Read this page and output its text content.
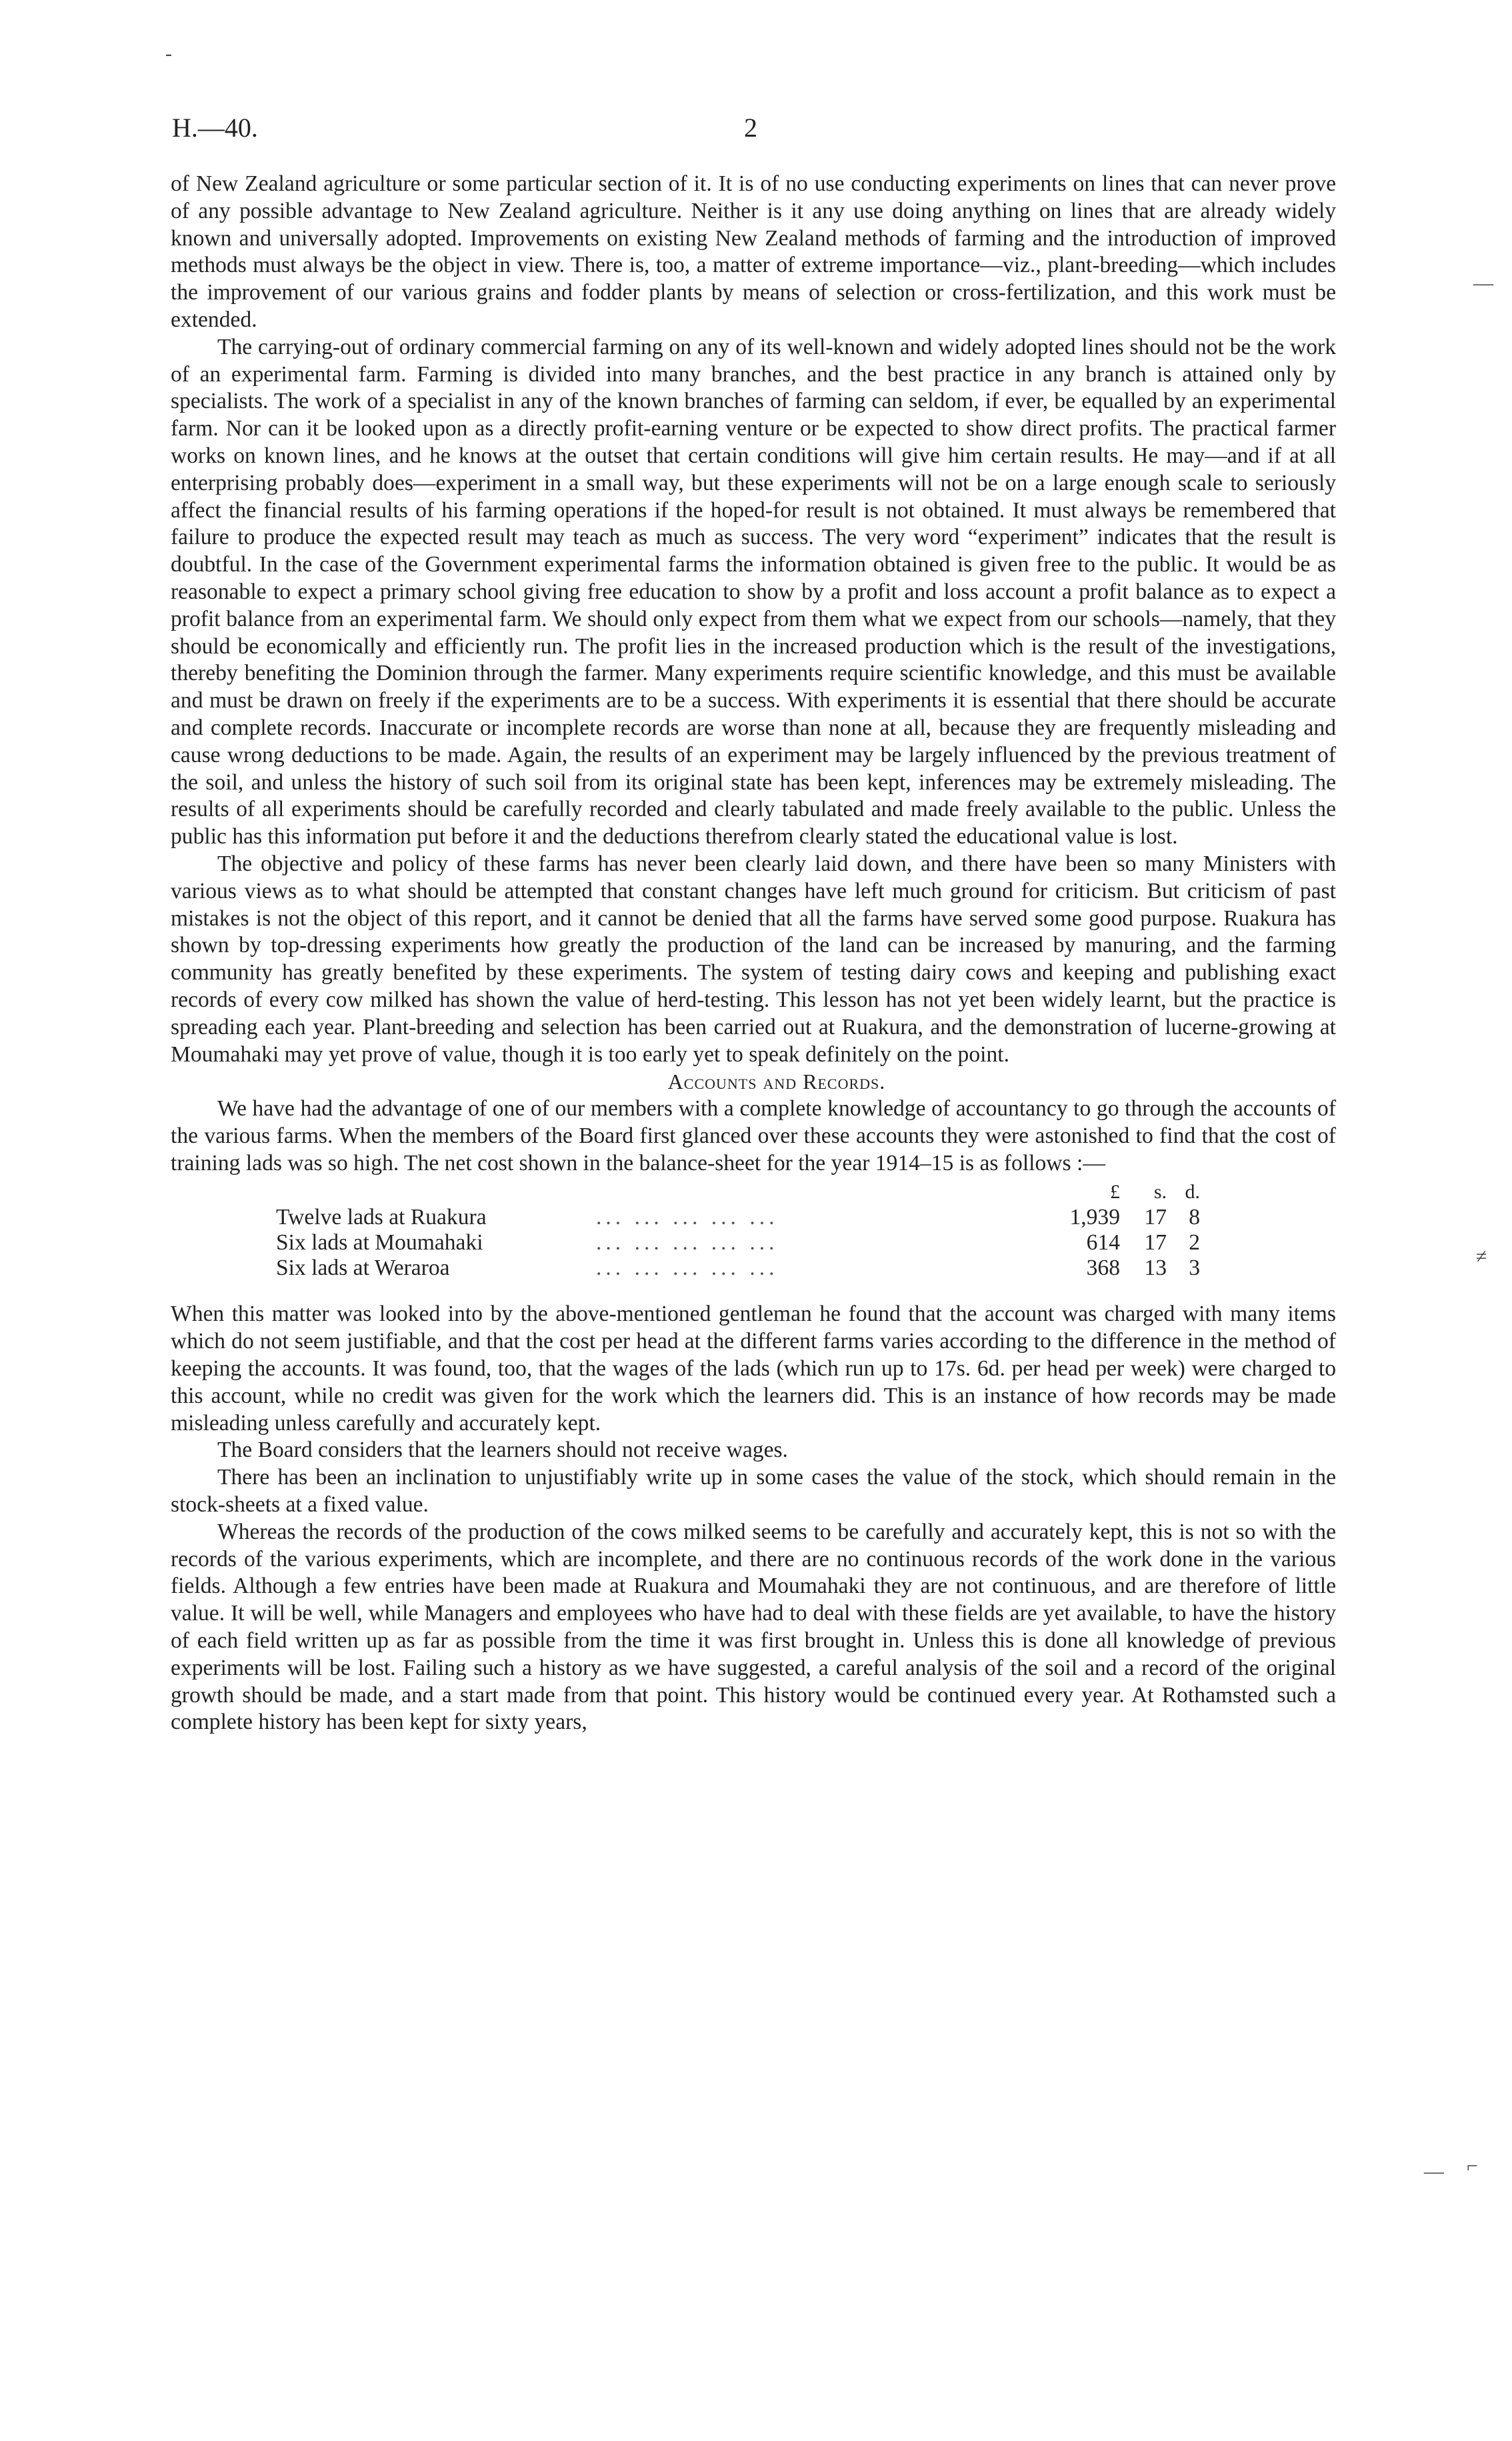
H.—40.	2

of New Zealand agriculture or some particular section of it. It is of no use conducting experiments on lines that can never prove of any possible advantage to New Zealand agriculture. Neither is it any use doing anything on lines that are already widely known and universally adopted. Improvements on existing New Zealand methods of farming and the introduction of improved methods must always be the object in view. There is, too, a matter of extreme importance—viz., plant-breeding—which includes the improvement of our various grains and fodder plants by means of selection or cross-fertilization, and this work must be extended.

The carrying-out of ordinary commercial farming on any of its well-known and widely adopted lines should not be the work of an experimental farm. Farming is divided into many branches, and the best practice in any branch is attained only by specialists. The work of a specialist in any of the known branches of farming can seldom, if ever, be equalled by an experimental farm. Nor can it be looked upon as a directly profit-earning venture or be expected to show direct profits. The practical farmer works on known lines, and he knows at the outset that certain conditions will give him certain results. He may—and if at all enterprising probably does—experiment in a small way, but these experiments will not be on a large enough scale to seriously affect the financial results of his farming operations if the hoped-for result is not obtained. It must always be remembered that failure to produce the expected result may teach as much as success. The very word “experiment” indicates that the result is doubtful. In the case of the Government experimental farms the information obtained is given free to the public. It would be as reasonable to expect a primary school giving free education to show by a profit and loss account a profit balance as to expect a profit balance from an experimental farm. We should only expect from them what we expect from our schools—namely, that they should be economically and efficiently run. The profit lies in the increased production which is the result of the investigations, thereby benefiting the Dominion through the farmer. Many experiments require scientific knowledge, and this must be available and must be drawn on freely if the experiments are to be a success. With experiments it is essential that there should be accurate and complete records. Inaccurate or incomplete records are worse than none at all, because they are frequently misleading and cause wrong deductions to be made. Again, the results of an experiment may be largely influenced by the previous treatment of the soil, and unless the history of such soil from its original state has been kept, inferences may be extremely misleading. The results of all experiments should be carefully recorded and clearly tabulated and made freely available to the public. Unless the public has this information put before it and the deductions therefrom clearly stated the educational value is lost.

The objective and policy of these farms has never been clearly laid down, and there have been so many Ministers with various views as to what should be attempted that constant changes have left much ground for criticism. But criticism of past mistakes is not the object of this report, and it cannot be denied that all the farms have served some good purpose. Ruakura has shown by top-dressing experiments how greatly the production of the land can be increased by manuring, and the farming community has greatly benefited by these experiments. The system of testing dairy cows and keeping and publishing exact records of every cow milked has shown the value of herd-testing. This lesson has not yet been widely learnt, but the practice is spreading each year. Plant-breeding and selection has been carried out at Ruakura, and the demonstration of lucerne-growing at Moumahaki may yet prove of value, though it is too early yet to speak definitely on the point.

Accounts and Records.

We have had the advantage of one of our members with a complete knowledge of accountancy to go through the accounts of the various farms. When the members of the Board first glanced over these accounts they were astonished to find that the cost of training lads was so high. The net cost shown in the balance-sheet for the year 1914–15 is as follows :—

		£	s.	d.
Twelve lads at Ruakura	... ... ... ... ...	1,939	17	8
Six lads at Moumahaki	... ... ... ... ...	614	17	2
Six lads at Weraroa	... ... ... ... ...	368	13	3

When this matter was looked into by the above-mentioned gentleman he found that the account was charged with many items which do not seem justifiable, and that the cost per head at the different farms varies according to the difference in the method of keeping the accounts. It was found, too, that the wages of the lads (which run up to 17s. 6d. per head per week) were charged to this account, while no credit was given for the work which the learners did. This is an instance of how records may be made misleading unless carefully and accurately kept.

The Board considers that the learners should not receive wages.

There has been an inclination to unjustifiably write up in some cases the value of the stock, which should remain in the stock-sheets at a fixed value.

Whereas the records of the production of the cows milked seems to be carefully and accurately kept, this is not so with the records of the various experiments, which are incomplete, and there are no continuous records of the work done in the various fields. Although a few entries have been made at Ruakura and Moumahaki they are not continuous, and are therefore of little value. It will be well, while Managers and employees who have had to deal with these fields are yet available, to have the history of each field written up as far as possible from the time it was first brought in. Unless this is done all knowledge of previous experiments will be lost. Failing such a history as we have suggested, a careful analysis of the soil and a record of the original growth should be made, and a start made from that point. This history would be continued every year. At Rothamsted such a complete history has been kept for sixty years,

-
—
≠
— ⌐
